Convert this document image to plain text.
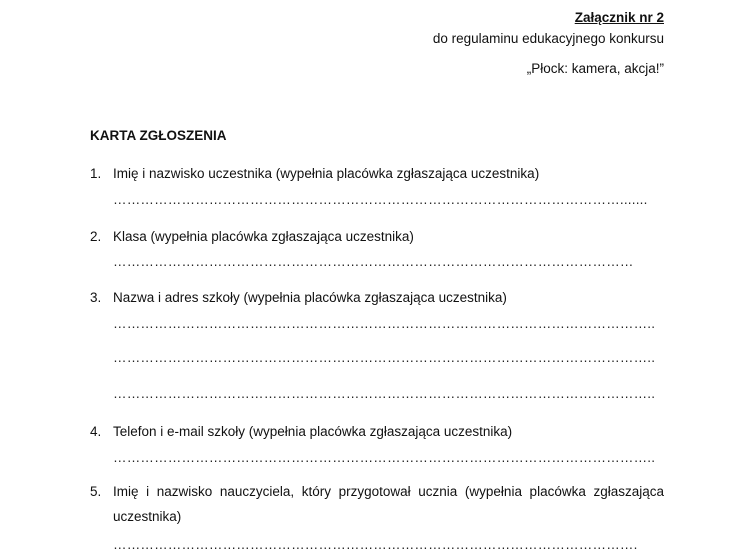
Załącznik nr 2
do regulaminu edukacyjnego konkursu
„Płock: kamera, akcja!”
KARTA ZGŁOSZENIA
1. Imię i nazwisko uczestnika (wypełnia placówka zgłaszająca uczestnika)
………………………………………………………………………………………………….......
2. Klasa (wypełnia placówka zgłaszająca uczestnika)
……………………………………………………………………………………………………
3. Nazwa i adres szkoły (wypełnia placówka zgłaszająca uczestnika)
………………………………………………………………………………………………………..
………………………………………………………………………………………………………..
………………………………………………………………………………………………………..
4. Telefon i e-mail szkoły (wypełnia placówka zgłaszająca uczestnika)
………………………………………………………………………………………………………..
5. Imię i nazwisko nauczyciela, który przygotował ucznia (wypełnia placówka zgłaszająca
uczestnika)
…………………………………………………………………………………………………….
